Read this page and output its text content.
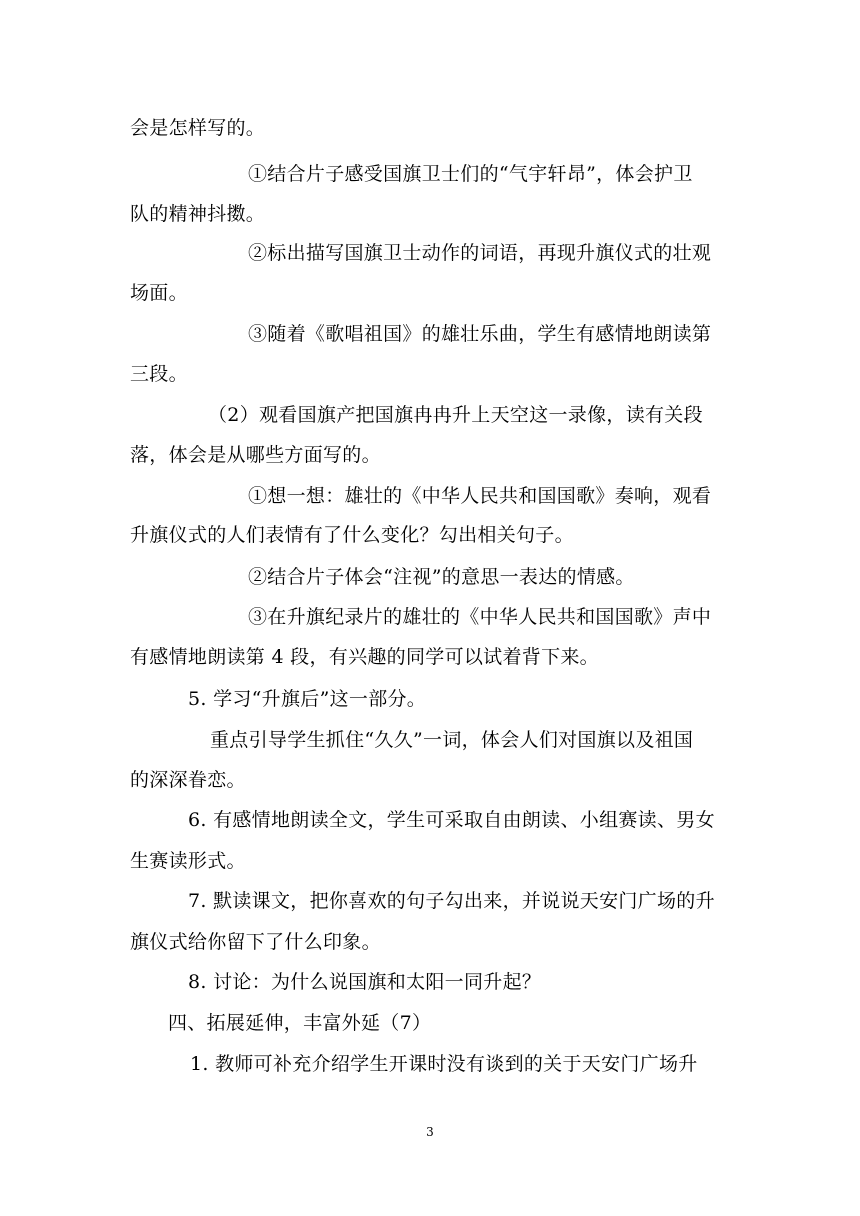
会是怎样写的。
①结合片子感受国旗卫士们的“气宇轩昂”，体会护卫
队的精神抖擞。
②标出描写国旗卫士动作的词语，再现升旗仪式的壮观
场面。
③随着《歌唱祖国》的雄壮乐曲，学生有感情地朗读第
三段。
（2）观看国旗产把国旗冉冉升上天空这一录像，读有关段
落，体会是从哪些方面写的。
①想一想：雄壮的《中华人民共和国国歌》奏响，观看
升旗仪式的人们表情有了什么变化？勾出相关句子。
②结合片子体会“注视”的意思一表达的情感。
③在升旗纪录片的雄壮的《中华人民共和国国歌》声中
有感情地朗读第 4 段，有兴趣的同学可以试着背下来。
5. 学习“升旗后”这一部分。
重点引导学生抓住“久久”一词，体会人们对国旗以及祖国
的深深眷恋。
6. 有感情地朗读全文，学生可采取自由朗读、小组赛读、男女
生赛读形式。
7. 默读课文，把你喜欢的句子勾出来，并说说天安门广场的升
旗仪式给你留下了什么印象。
8. 讨论：为什么说国旗和太阳一同升起？
四、拓展延伸，丰富外延（7）
1. 教师可补充介绍学生开课时没有谈到的关于天安门广场升
3
